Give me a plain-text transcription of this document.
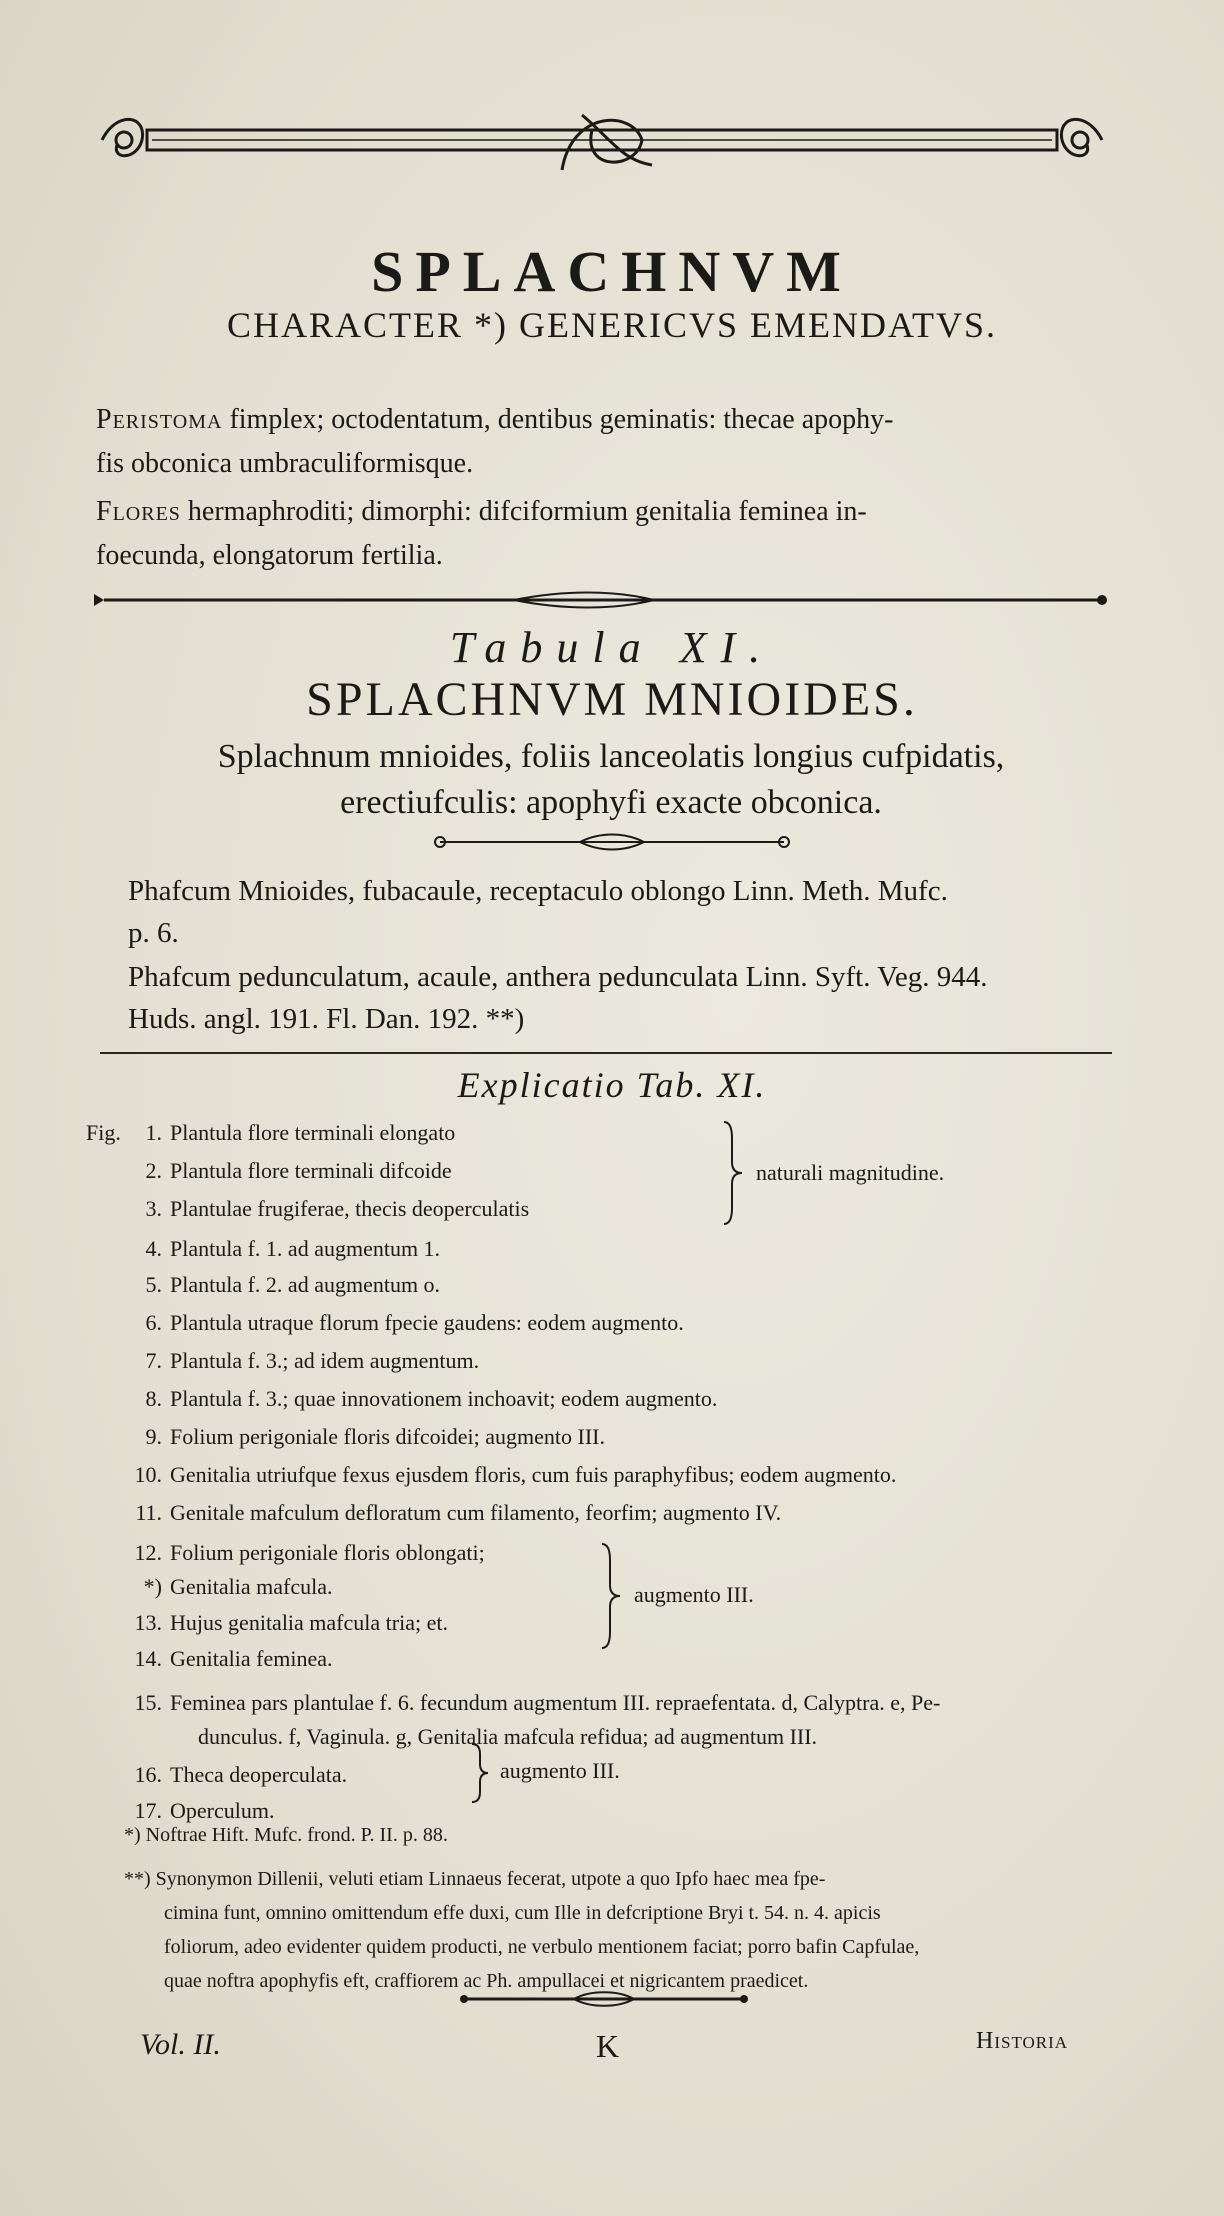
SPLACHNVM
CHARACTER *) GENERICVS EMENDATVS.
Peristoma fimplex; octodentatum, dentibus geminatis: thecae apophy-
fis obconica umbraculiformisque.
Flores hermaphroditi; dimorphi: difciformium genitalia feminea in-
foecunda, elongatorum fertilia.
Tabula XI.
SPLACHNVM MNIOIDES.
Splachnum mnioides, foliis lanceolatis longius cufpidatis,
erectiufculis: apophyfi exacte obconica.
Phafcum Mnioides, fubacaule, receptaculo oblongo Linn. Meth. Mufc.
p. 6.
Phafcum pedunculatum, acaule, anthera pedunculata Linn. Syft. Veg. 944.
Huds. angl. 191. Fl. Dan. 192. **)
Explicatio Tab. XI.
Fig.	1. Plantula flore terminali elongato
2. Plantula flore terminali difcoide
3. Plantulae frugiferae, thecis deoperculatis
4. Plantula f. 1. ad augmentum 1.
5. Plantula f. 2. ad augmentum o.
6. Plantula utraque florum fpecie gaudens: eodem augmento.
7. Plantula f. 3.; ad idem augmentum.
8. Plantula f. 3.; quae innovationem inchoavit; eodem augmento.
9. Folium perigoniale floris difcoidei; augmento III.
10. Genitalia utriufque fexus ejusdem floris, cum fuis paraphyfibus; eodem augmento.
11. Genitale mafculum defloratum cum filamento, feorfim; augmento IV.
12. Folium perigoniale floris oblongati;
*) Genitalia mafcula.
13. Hujus genitalia mafcula tria; et.
14. Genitalia feminea.
15. Feminea pars plantulae f. 6. fecundum augmentum III. repraefentata. d, Calyptra. e, Pe-
dunculus. f, Vaginula. g, Genitalia mafcula refidua; ad augmentum III.
16. Theca deoperculata.
17. Operculum.
naturali magnitudine.
augmento III.
augmento III.
*) Noftrae Hift. Mufc. frond. P. II. p. 88.
**) Synonymon Dillenii, veluti etiam Linnaeus fecerat, utpote a quo Ipfo haec mea fpe-
cimina funt, omnino omittendum effe duxi, cum Ille in defcriptione Bryi t. 54. n. 4. apicis
foliorum, adeo evidenter quidem producti, ne verbulo mentionem faciat; porro bafin Capfulae,
quae noftra apophyfis eft, craffiorem ac Ph. ampullacei et nigricantem praedicet.
Vol. II.	K	Historia
